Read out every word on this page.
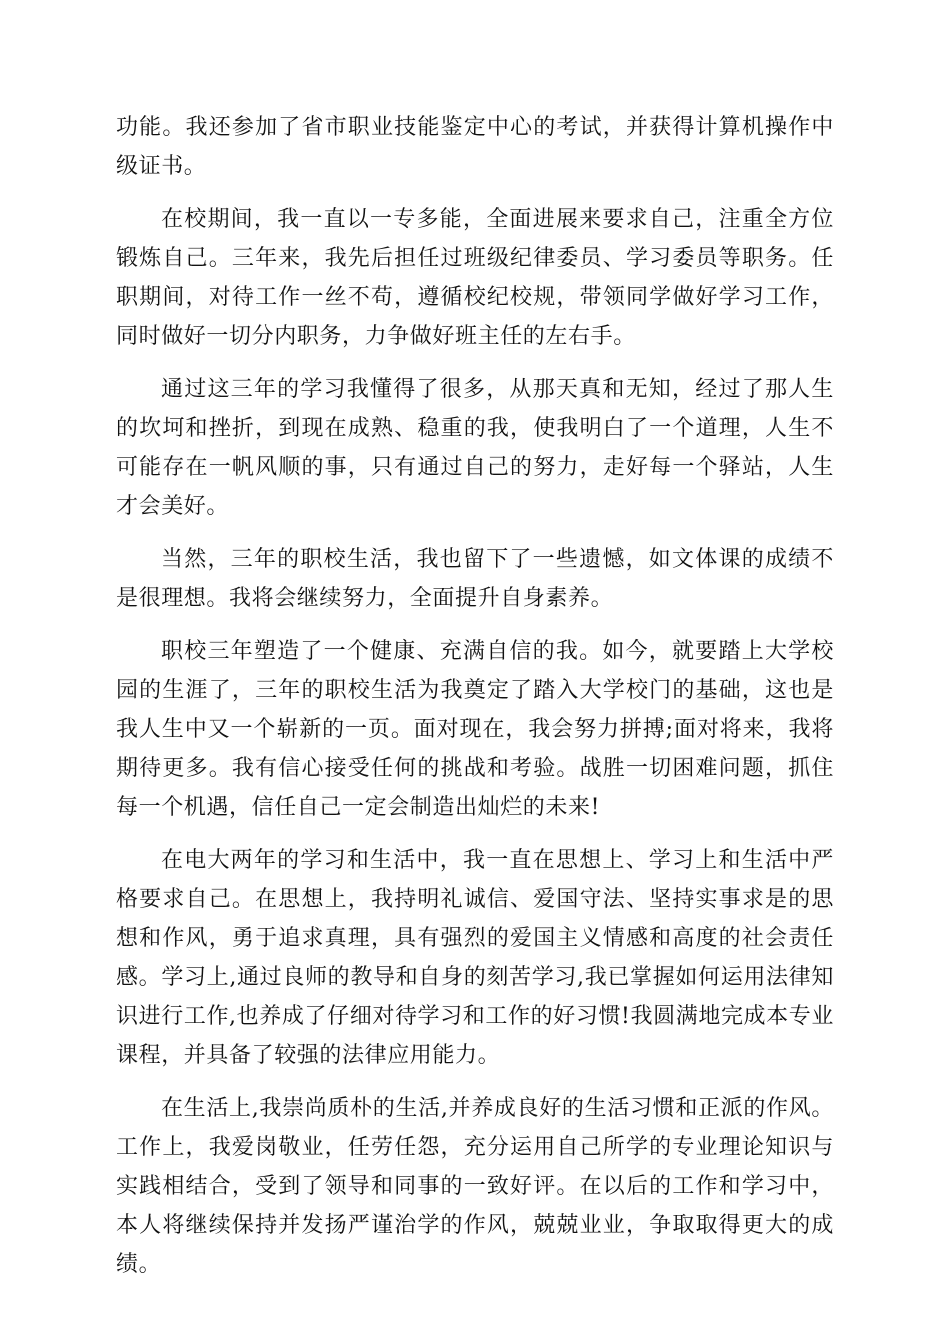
功能。我还参加了省市职业技能鉴定中心的考试，并获得计算机操作中级证书。

在校期间，我一直以一专多能，全面进展来要求自己，注重全方位锻炼自己。三年来，我先后担任过班级纪律委员、学习委员等职务。任职期间，对待工作一丝不苟，遵循校纪校规，带领同学做好学习工作，同时做好一切分内职务，力争做好班主任的左右手。

通过这三年的学习我懂得了很多，从那天真和无知，经过了那人生的坎坷和挫折，到现在成熟、稳重的我，使我明白了一个道理，人生不可能存在一帆风顺的事，只有通过自己的努力，走好每一个驿站，人生才会美好。

当然，三年的职校生活，我也留下了一些遗憾，如文体课的成绩不是很理想。我将会继续努力，全面提升自身素养。

职校三年塑造了一个健康、充满自信的我。如今，就要踏上大学校园的生涯了，三年的职校生活为我奠定了踏入大学校门的基础，这也是我人生中又一个崭新的一页。面对现在，我会努力拼搏;面对将来，我将期待更多。我有信心接受任何的挑战和考验。战胜一切困难问题，抓住每一个机遇，信任自己一定会制造出灿烂的未来!

在电大两年的学习和生活中，我一直在思想上、学习上和生活中严格要求自己。在思想上，我持明礼诚信、爱国守法、坚持实事求是的思想和作风，勇于追求真理，具有强烈的爱国主义情感和高度的社会责任感。学习上,通过良师的教导和自身的刻苦学习,我已掌握如何运用法律知识进行工作,也养成了仔细对待学习和工作的好习惯!我圆满地完成本专业课程，并具备了较强的法律应用能力。

在生活上,我崇尚质朴的生活,并养成良好的生活习惯和正派的作风。工作上，我爱岗敬业，任劳任怨，充分运用自己所学的专业理论知识与实践相结合，受到了领导和同事的一致好评。在以后的工作和学习中，本人将继续保持并发扬严谨治学的作风，兢兢业业，争取取得更大的成绩。
